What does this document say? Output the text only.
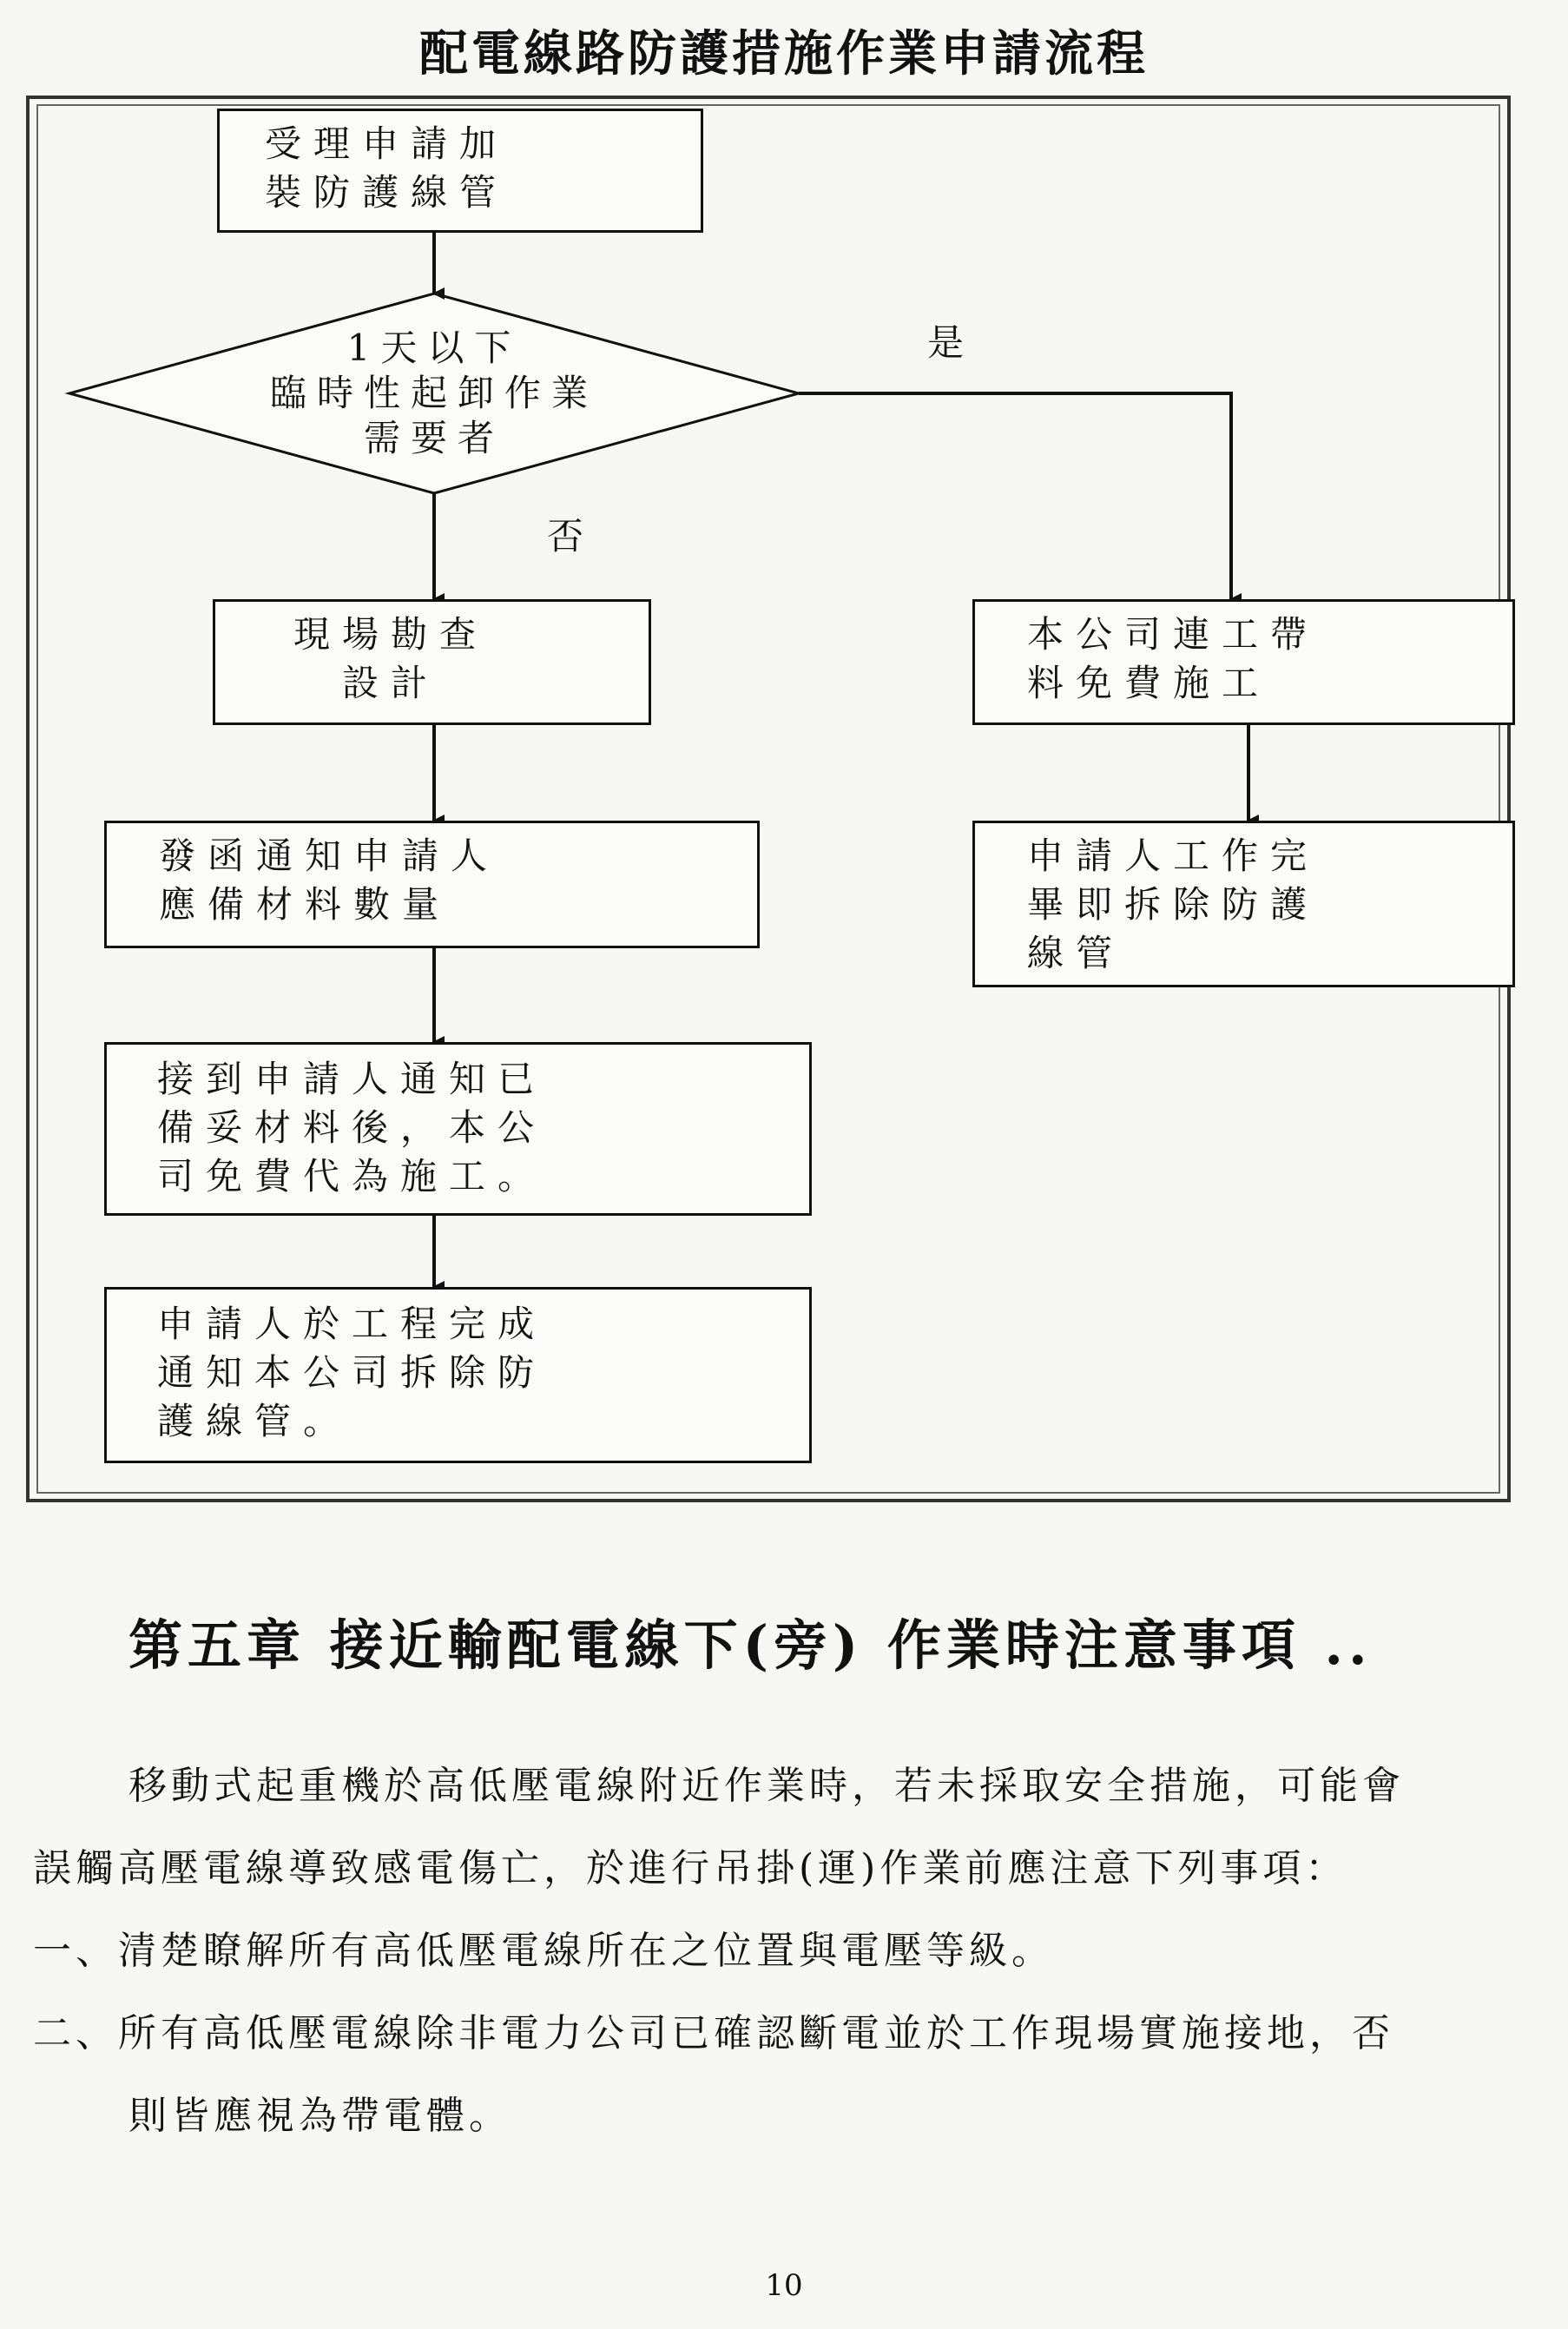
配電線路防護措施作業申請流程
受理申請加
裝防護線管
1天以下
臨時性起卸作業
需要者
是
否
現場勘查
設計
發函通知申請人
應備材料數量
接到申請人通知已
備妥材料後，本公
司免費代為施工。
申請人於工程完成
通知本公司拆除防
護線管。
本公司連工帶
料免費施工
申請人工作完
畢即拆除防護
線管
第五章 接近輸配電線下(旁) 作業時注意事項 ..
移動式起重機於高低壓電線附近作業時，若未採取安全措施，可能會
誤觸高壓電線導致感電傷亡，於進行吊掛(運)作業前應注意下列事項：
一、清楚瞭解所有高低壓電線所在之位置與電壓等級。
二、所有高低壓電線除非電力公司已確認斷電並於工作現場實施接地，否
則皆應視為帶電體。
10
